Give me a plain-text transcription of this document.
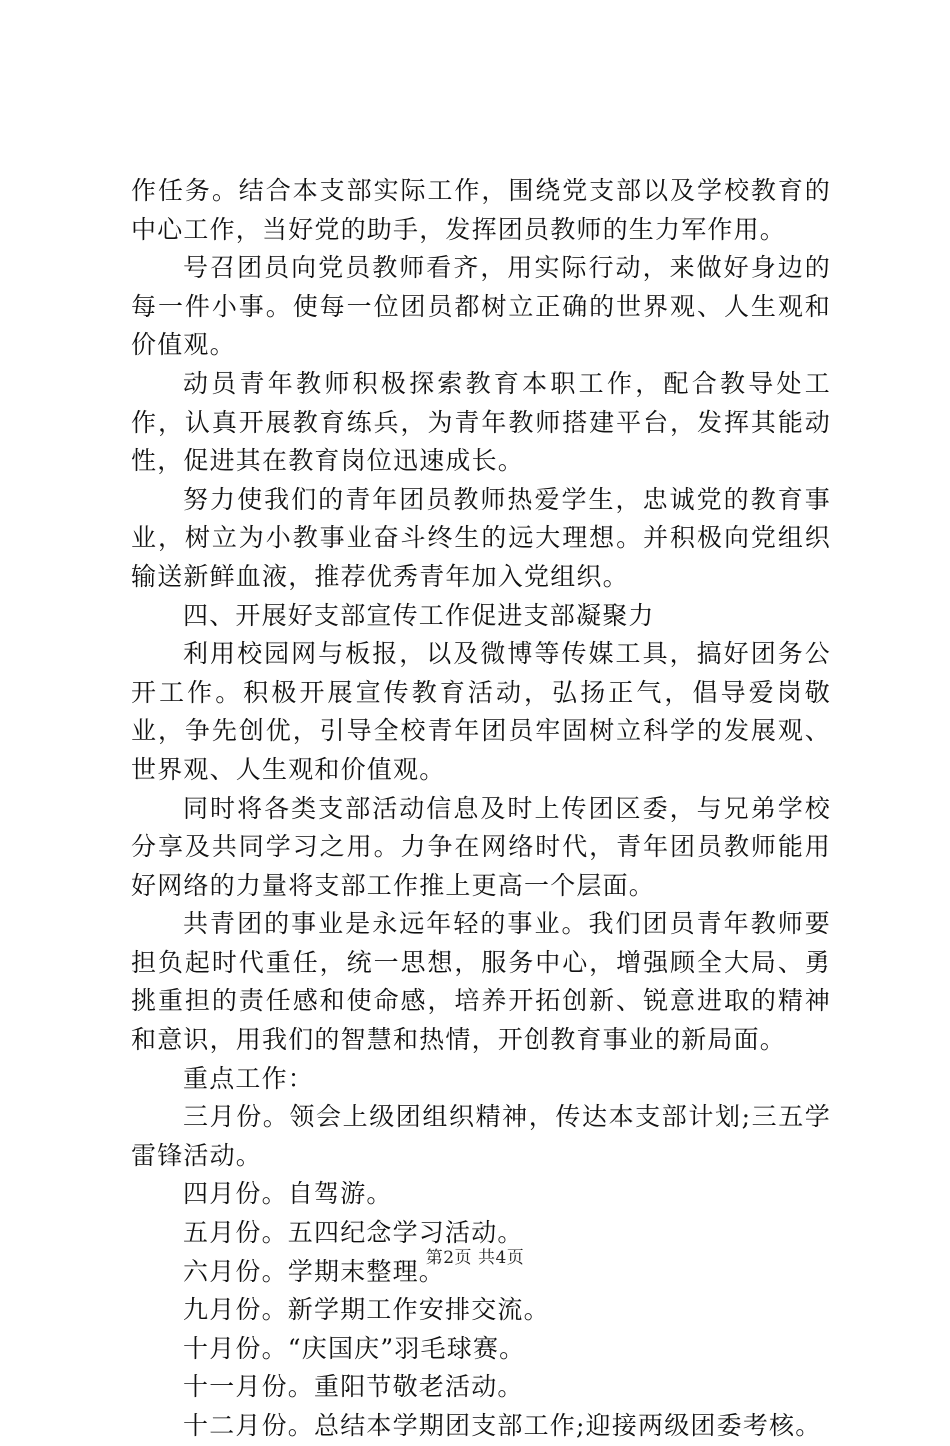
作任务。结合本支部实际工作，围绕党支部以及学校教育的中心工作，当好党的助手，发挥团员教师的生力军作用。

号召团员向党员教师看齐，用实际行动，来做好身边的每一件小事。使每一位团员都树立正确的世界观、人生观和价值观。

动员青年教师积极探索教育本职工作，配合教导处工作，认真开展教育练兵，为青年教师搭建平台，发挥其能动性，促进其在教育岗位迅速成长。

努力使我们的青年团员教师热爱学生，忠诚党的教育事业，树立为小教事业奋斗终生的远大理想。并积极向党组织输送新鲜血液，推荐优秀青年加入党组织。

四、开展好支部宣传工作促进支部凝聚力

利用校园网与板报，以及微博等传媒工具，搞好团务公开工作。积极开展宣传教育活动，弘扬正气，倡导爱岗敬业，争先创优，引导全校青年团员牢固树立科学的发展观、世界观、人生观和价值观。

同时将各类支部活动信息及时上传团区委，与兄弟学校分享及共同学习之用。力争在网络时代，青年团员教师能用好网络的力量将支部工作推上更高一个层面。

共青团的事业是永远年轻的事业。我们团员青年教师要担负起时代重任，统一思想，服务中心，增强顾全大局、勇挑重担的责任感和使命感，培养开拓创新、锐意进取的精神和意识，用我们的智慧和热情，开创教育事业的新局面。

重点工作：

三月份。领会上级团组织精神，传达本支部计划;三五学雷锋活动。

四月份。自驾游。

五月份。五四纪念学习活动。

六月份。学期末整理。

九月份。新学期工作安排交流。

十月份。“庆国庆”羽毛球赛。

十一月份。重阳节敬老活动。

十二月份。总结本学期团支部工作;迎接两级团委考核。

第2页 共4页
